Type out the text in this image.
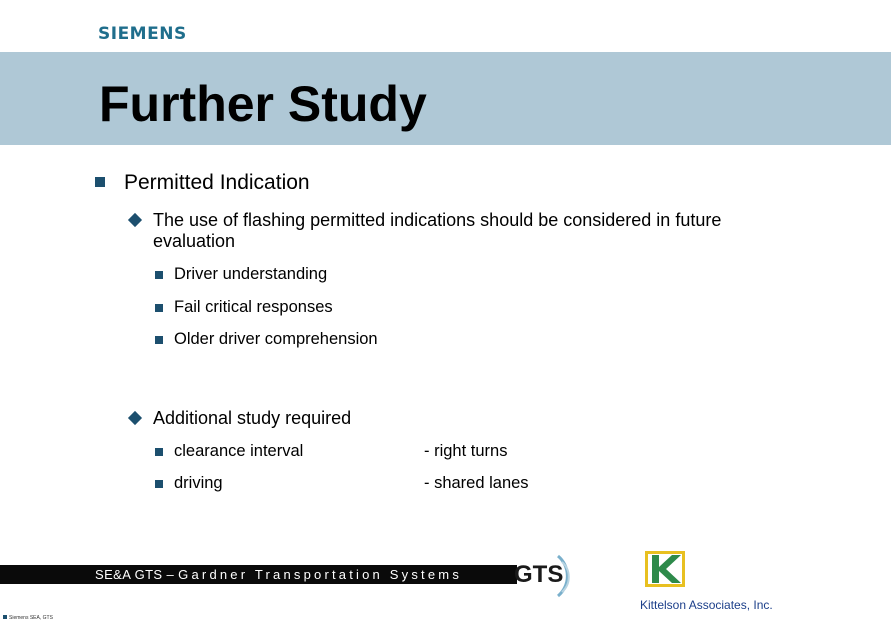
SIEMENS
Further Study
Permitted Indication
The use of flashing permitted indications should be considered in future
evaluation
Driver understanding
Fail critical responses
Older driver comprehension
Additional study required
clearance interval	- right turns
driving	- shared lanes
SE&A GTS – Gardner Transportation Systems GTS
Kittelson Associates, Inc.
Siemens SEA, GTS
